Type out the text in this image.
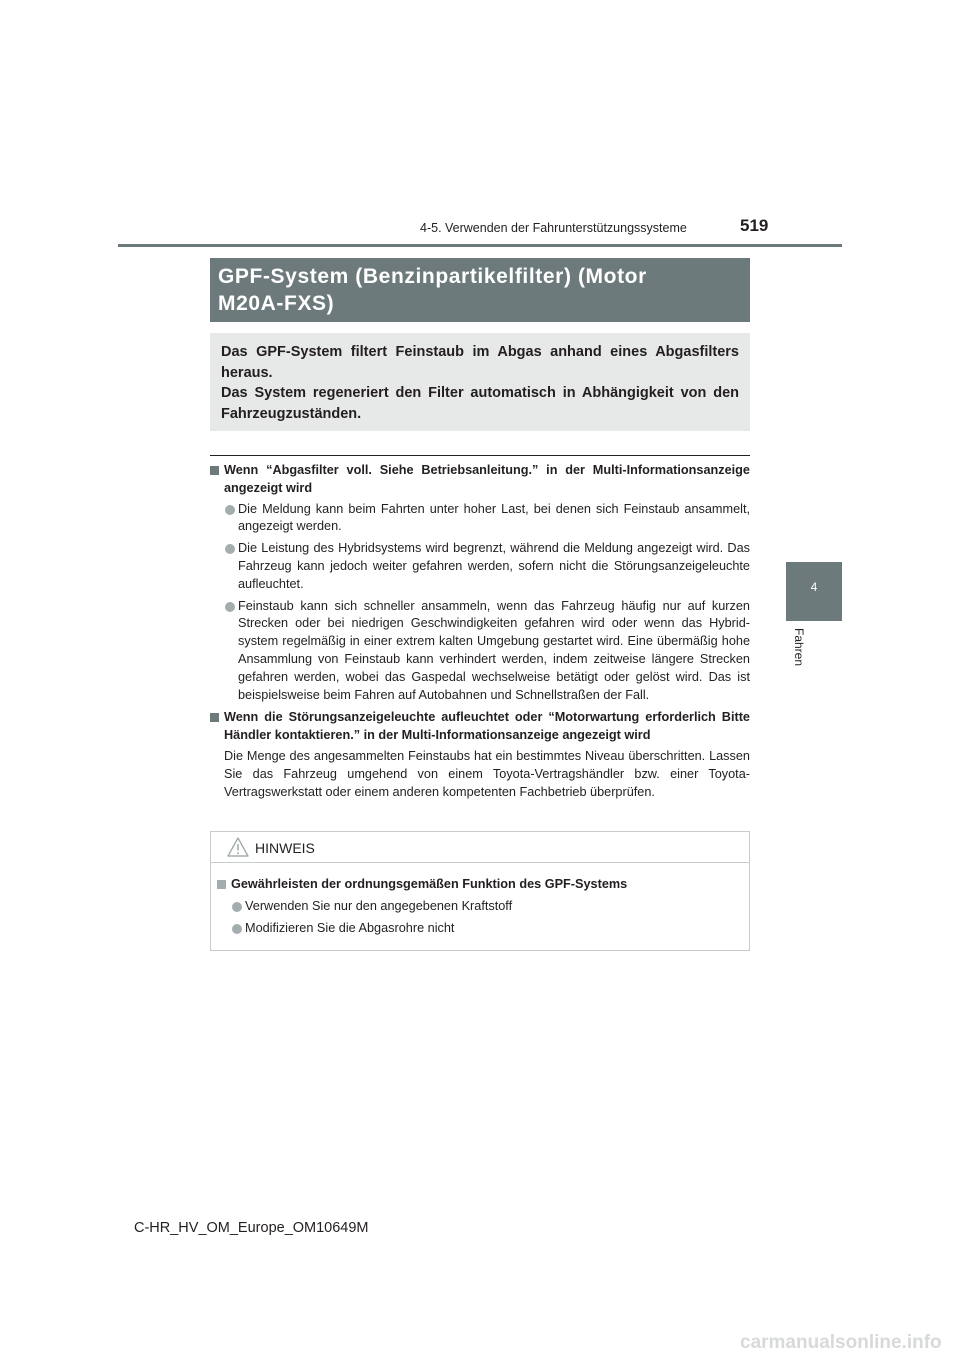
4-5. Verwenden der Fahrunterstützungssysteme	519
4
Fahren
GPF-System (Benzinpartikelfilter) (Motor
M20A-FXS)

Das GPF-System filtert Feinstaub im Abgas anhand eines Abgasfilters heraus.

Das System regeneriert den Filter automatisch in Abhängigkeit von den Fahrzeugzuständen.

Wenn “Abgasfilter voll. Siehe Betriebsanleitung.” in der Multi-Informationsanzeige angezeigt wird
Die Meldung kann beim Fahrten unter hoher Last, bei denen sich Feinstaub ansammelt, angezeigt werden.
Die Leistung des Hybridsystems wird begrenzt, während die Meldung angezeigt wird. Das Fahrzeug kann jedoch weiter gefahren werden, sofern nicht die Störungsanzeigeleuchte aufleuchtet.
Feinstaub kann sich schneller ansammeln, wenn das Fahrzeug häufig nur auf kurzen Strecken oder bei niedrigen Geschwindigkeiten gefahren wird oder wenn das Hybridsystem regelmäßig in einer extrem kalten Umgebung gestartet wird. Eine übermäßig hohe Ansammlung von Feinstaub kann verhindert werden, indem zeitweise längere Strecken gefahren werden, wobei das Gaspedal wechselweise betätigt oder gelöst wird. Das ist beispielsweise beim Fahren auf Autobahnen und Schnellstraßen der Fall.
Wenn die Störungsanzeigeleuchte aufleuchtet oder “Motorwartung erforderlich Bitte Händler kontaktieren.” in der Multi-Informationsanzeige angezeigt wird
Die Menge des angesammelten Feinstaubs hat ein bestimmtes Niveau überschritten. Lassen Sie das Fahrzeug umgehend von einem Toyota-Vertragshändler bzw. einer Toyota-Vertragswerkstatt oder einem anderen kompetenten Fachbetrieb überprüfen.
HINWEIS
Gewährleisten der ordnungsgemäßen Funktion des GPF-Systems
Verwenden Sie nur den angegebenen Kraftstoff
Modifizieren Sie die Abgasrohre nicht
C-HR_HV_OM_Europe_OM10649M
carmanualsonline.info
